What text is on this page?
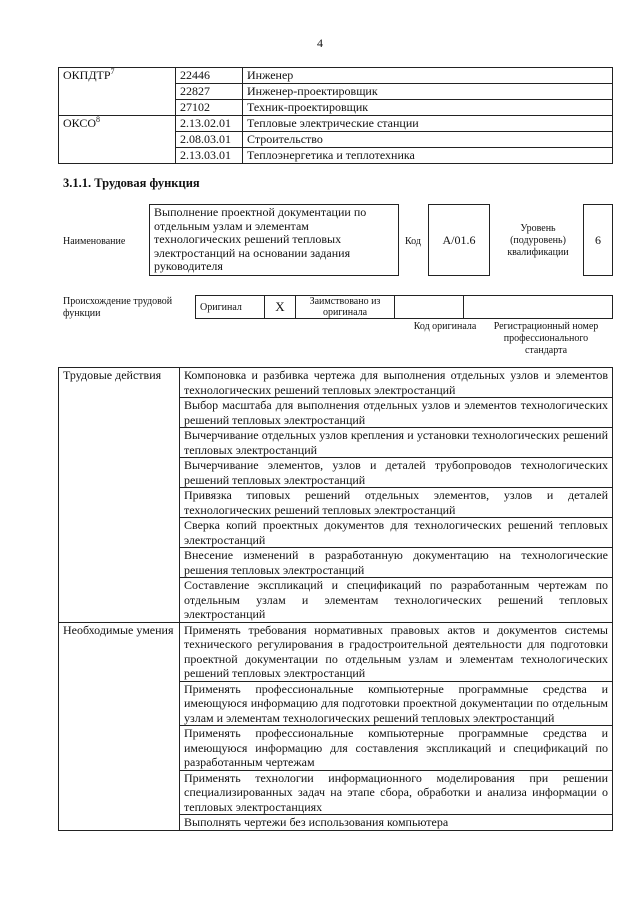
4
ОКПДТР$^7$	22446	Инженер
	22827	Инженер-проектировщик
	27102	Техник-проектировщик
ОКСО$^8$	2.13.02.01	Тепловые электрические станции
	2.08.03.01	Строительство
	2.13.03.01	Теплоэнергетика и теплотехника
3.1.1. Трудовая функция
Наименование
Выполнение проектной документации по отдельным узлам и элементам технологических решений тепловых электростанций на основании задания руководителя
Код	A/01.6
Уровень (подуровень) квалификации
6
Происхождение трудовой функции
Оригинал	X	Заимствовано из оригинала		
Код оригинала	Регистрационный номер профессионального стандарта
Трудовые действия	Компоновка и разбивка чертежа для выполнения отдельных узлов и элементов технологических решений тепловых электростанций
	Выбор масштаба для выполнения отдельных узлов и элементов технологических решений тепловых электростанций
	Вычерчивание отдельных узлов крепления и установки технологических решений тепловых электростанций
	Вычерчивание элементов, узлов и деталей трубопроводов технологических решений тепловых электростанций
	Привязка типовых решений отдельных элементов, узлов и деталей технологических решений тепловых электростанций
	Сверка копий проектных документов для технологических решений тепловых электростанций
	Внесение изменений в разработанную документацию на технологические решения тепловых электростанций
	Составление экспликаций и спецификаций по разработанным чертежам по отдельным узлам и элементам технологических решений тепловых электростанций
Необходимые умения	Применять требования нормативных правовых актов и документов системы технического регулирования в градостроительной деятельности для подготовки проектной документации по отдельным узлам и элементам технологических решений тепловых электростанций
	Применять профессиональные компьютерные программные средства и имеющуюся информацию для подготовки проектной документации по отдельным узлам и элементам технологических решений тепловых электростанций
	Применять профессиональные компьютерные программные средства и имеющуюся информацию для составления экспликаций и спецификаций по разработанным чертежам
	Применять технологии информационного моделирования при решении специализированных задач на этапе сбора, обработки и анализа информации о тепловых электростанциях
	Выполнять чертежи без использования компьютера
